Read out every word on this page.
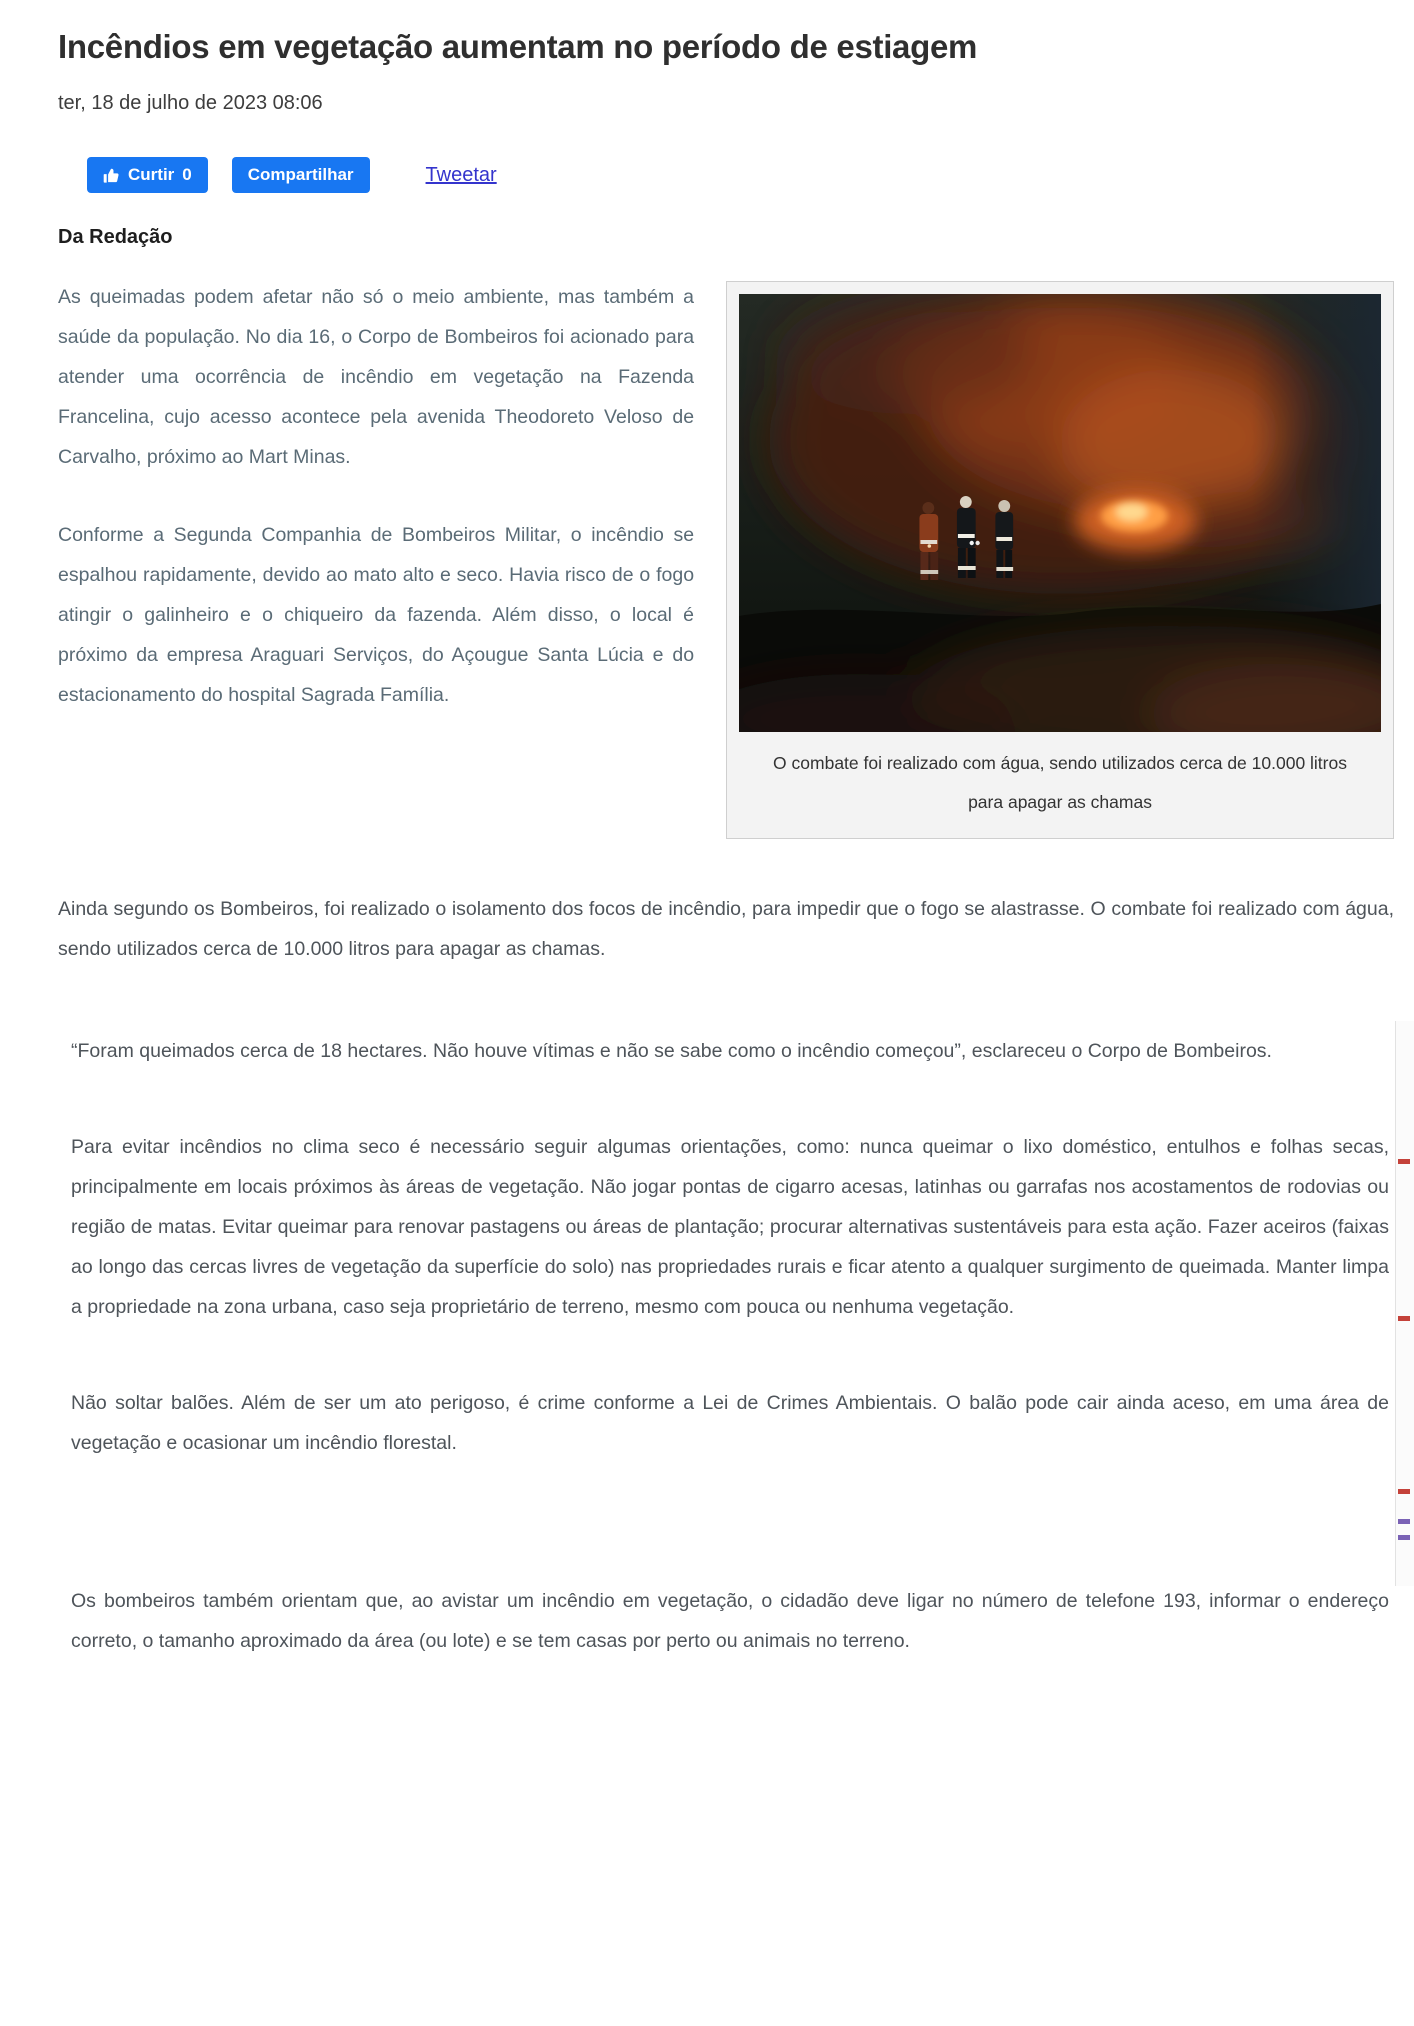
Incêndios em vegetação aumentam no período de estiagem
ter, 18 de julho de 2023 08:06
Curtir 0	Compartilhar	Tweetar
Da Redação

As queimadas podem afetar não só o meio ambiente, mas também a saúde da população. No dia 16, o Corpo de Bombeiros foi acionado para atender uma ocorrência de incêndio em vegetação na Fazenda Francelina, cujo acesso acontece pela avenida Theodoreto Veloso de Carvalho, próximo ao Mart Minas.

Conforme a Segunda Companhia de Bombeiros Militar, o incêndio se espalhou rapidamente, devido ao mato alto e seco. Havia risco de o fogo atingir o galinheiro e o chiqueiro da fazenda. Além disso, o local é próximo da empresa Araguari Serviços, do Açougue Santa Lúcia e do estacionamento do hospital Sagrada Família.

O combate foi realizado com água, sendo utilizados cerca de 10.000 litros para apagar as chamas

Ainda segundo os Bombeiros, foi realizado o isolamento dos focos de incêndio, para impedir que o fogo se alastrasse. O combate foi realizado com água, sendo utilizados cerca de 10.000 litros para apagar as chamas.

“Foram queimados cerca de 18 hectares. Não houve vítimas e não se sabe como o incêndio começou”, esclareceu o Corpo de Bombeiros.

Para evitar incêndios no clima seco é necessário seguir algumas orientações, como: nunca queimar o lixo doméstico, entulhos e folhas secas, principalmente em locais próximos às áreas de vegetação. Não jogar pontas de cigarro acesas, latinhas ou garrafas nos acostamentos de rodovias ou região de matas. Evitar queimar para renovar pastagens ou áreas de plantação; procurar alternativas sustentáveis para esta ação. Fazer aceiros (faixas ao longo das cercas livres de vegetação da superfície do solo) nas propriedades rurais e ficar atento a qualquer surgimento de queimada. Manter limpa a propriedade na zona urbana, caso seja proprietário de terreno, mesmo com pouca ou nenhuma vegetação.

Não soltar balões. Além de ser um ato perigoso, é crime conforme a Lei de Crimes Ambientais. O balão pode cair ainda aceso, em uma área de vegetação e ocasionar um incêndio florestal.

Os bombeiros também orientam que, ao avistar um incêndio em vegetação, o cidadão deve ligar no número de telefone 193, informar o endereço correto, o tamanho aproximado da área (ou lote) e se tem casas por perto ou animais no terreno.
